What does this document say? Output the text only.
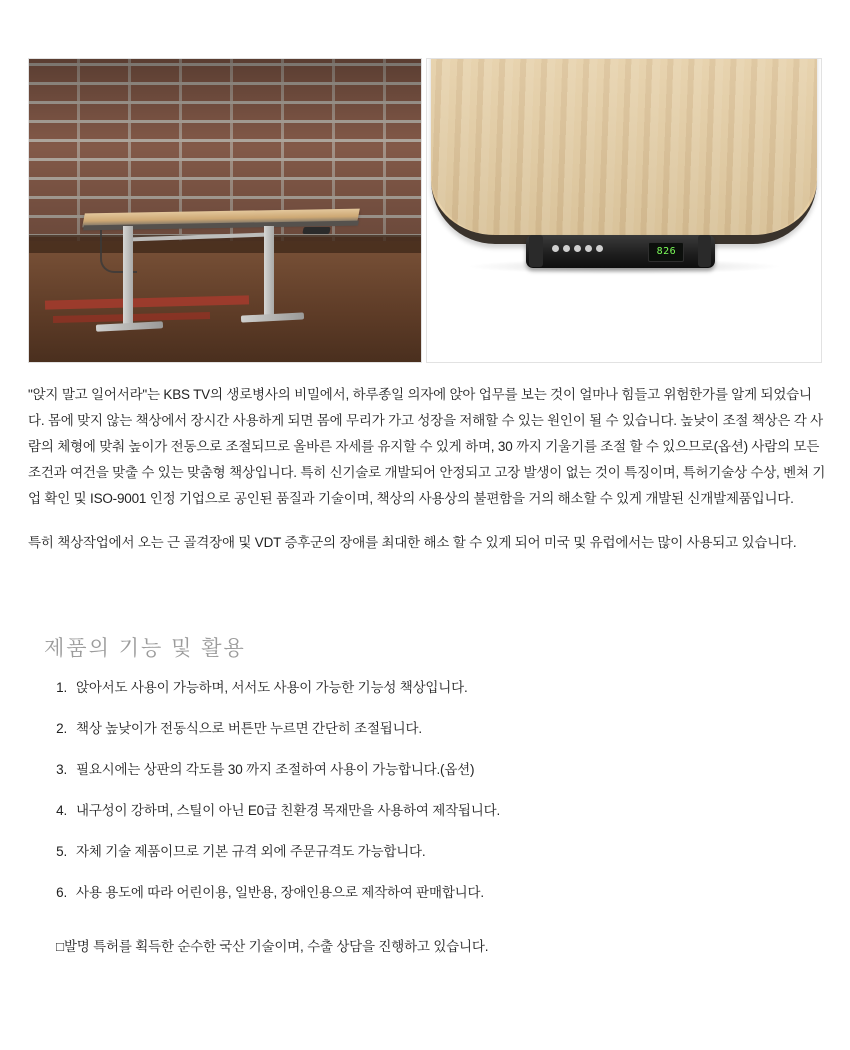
826

"앉지 말고 일어서라"는 KBS TV의 생로병사의 비밀에서, 하루종일 의자에 앉아 업무를 보는 것이 얼마나 힘들고 위험한가를 알게 되었습니다. 몸에 맞지 않는 책상에서 장시간 사용하게 되면 몸에 무리가 가고 성장을 저해할 수 있는 원인이 될 수 있습니다. 높낮이 조절 책상은 각 사람의 체형에 맞춰 높이가 전동으로 조절되므로 올바른 자세를 유지할 수 있게 하며, 30 까지 기울기를 조절 할 수 있으므로(옵션) 사람의 모든 조건과 여건을 맞출 수 있는 맞춤형 책상입니다. 특히 신기술로 개발되어 안정되고 고장 발생이 없는 것이 특징이며, 특허기술상 수상, 벤쳐 기업 확인 및 ISO-9001 인정 기업으로 공인된 품질과 기술이며, 책상의 사용상의 불편함을 거의 해소할 수 있게 개발된 신개발제품입니다.

특히 책상작업에서 오는 근 골격장애 및 VDT 증후군의 장애를 최대한 해소 할 수 있게 되어 미국 및 유럽에서는 많이 사용되고 있습니다.

제품의 기능 및 활용
1. 앉아서도 사용이 가능하며, 서서도 사용이 가능한 기능성 책상입니다.
2. 책상 높낮이가 전동식으로 버튼만 누르면 간단히 조절됩니다.
3. 필요시에는 상판의 각도를 30 까지 조절하여 사용이 가능합니다.(옵션)
4. 내구성이 강하며, 스틸이 아닌 E0급 친환경 목재만을 사용하여 제작됩니다.
5. 자체 기술 제품이므로 기본 규격 외에 주문규격도 가능합니다.
6. 사용 용도에 따라 어린이용, 일반용, 장애인용으로 제작하여 판매합니다.
□발명 특허를 획득한 순수한 국산 기술이며, 수출 상담을 진행하고 있습니다.
